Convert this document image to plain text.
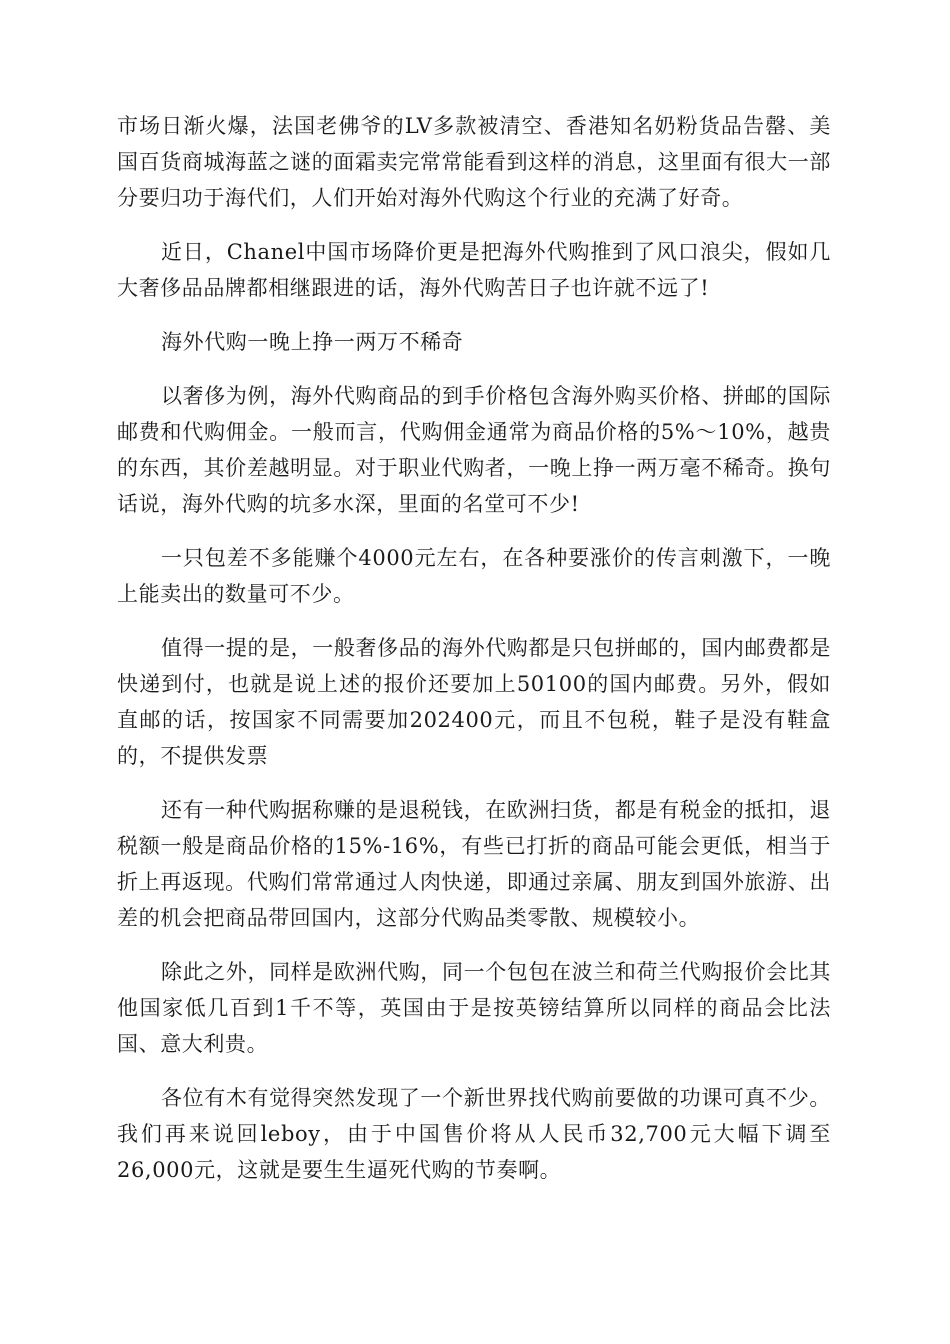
市场日渐火爆，法国老佛爷的LV多款被清空、香港知名奶粉货品告罄、美国百货商城海蓝之谜的面霜卖完常常能看到这样的消息，这里面有很大一部分要归功于海代们，人们开始对海外代购这个行业的充满了好奇。

近日，Chanel中国市场降价更是把海外代购推到了风口浪尖，假如几大奢侈品品牌都相继跟进的话，海外代购苦日子也许就不远了!

海外代购一晚上挣一两万不稀奇

以奢侈为例，海外代购商品的到手价格包含海外购买价格、拼邮的国际邮费和代购佣金。一般而言，代购佣金通常为商品价格的5%～10%，越贵的东西，其价差越明显。对于职业代购者，一晚上挣一两万毫不稀奇。换句话说，海外代购的坑多水深，里面的名堂可不少!

一只包差不多能赚个4000元左右，在各种要涨价的传言刺激下，一晚上能卖出的数量可不少。

值得一提的是，一般奢侈品的海外代购都是只包拼邮的，国内邮费都是快递到付，也就是说上述的报价还要加上50100的国内邮费。另外，假如直邮的话，按国家不同需要加202400元，而且不包税，鞋子是没有鞋盒的，不提供发票

还有一种代购据称赚的是退税钱，在欧洲扫货，都是有税金的抵扣，退税额一般是商品价格的15%-16%，有些已打折的商品可能会更低，相当于折上再返现。代购们常常通过人肉快递，即通过亲属、朋友到国外旅游、出差的机会把商品带回国内，这部分代购品类零散、规模较小。

除此之外，同样是欧洲代购，同一个包包在波兰和荷兰代购报价会比其他国家低几百到1千不等，英国由于是按英镑结算所以同样的商品会比法国、意大利贵。

各位有木有觉得突然发现了一个新世界找代购前要做的功课可真不少。我们再来说回leboy，由于中国售价将从人民币32,700元大幅下调至26,000元，这就是要生生逼死代购的节奏啊。
